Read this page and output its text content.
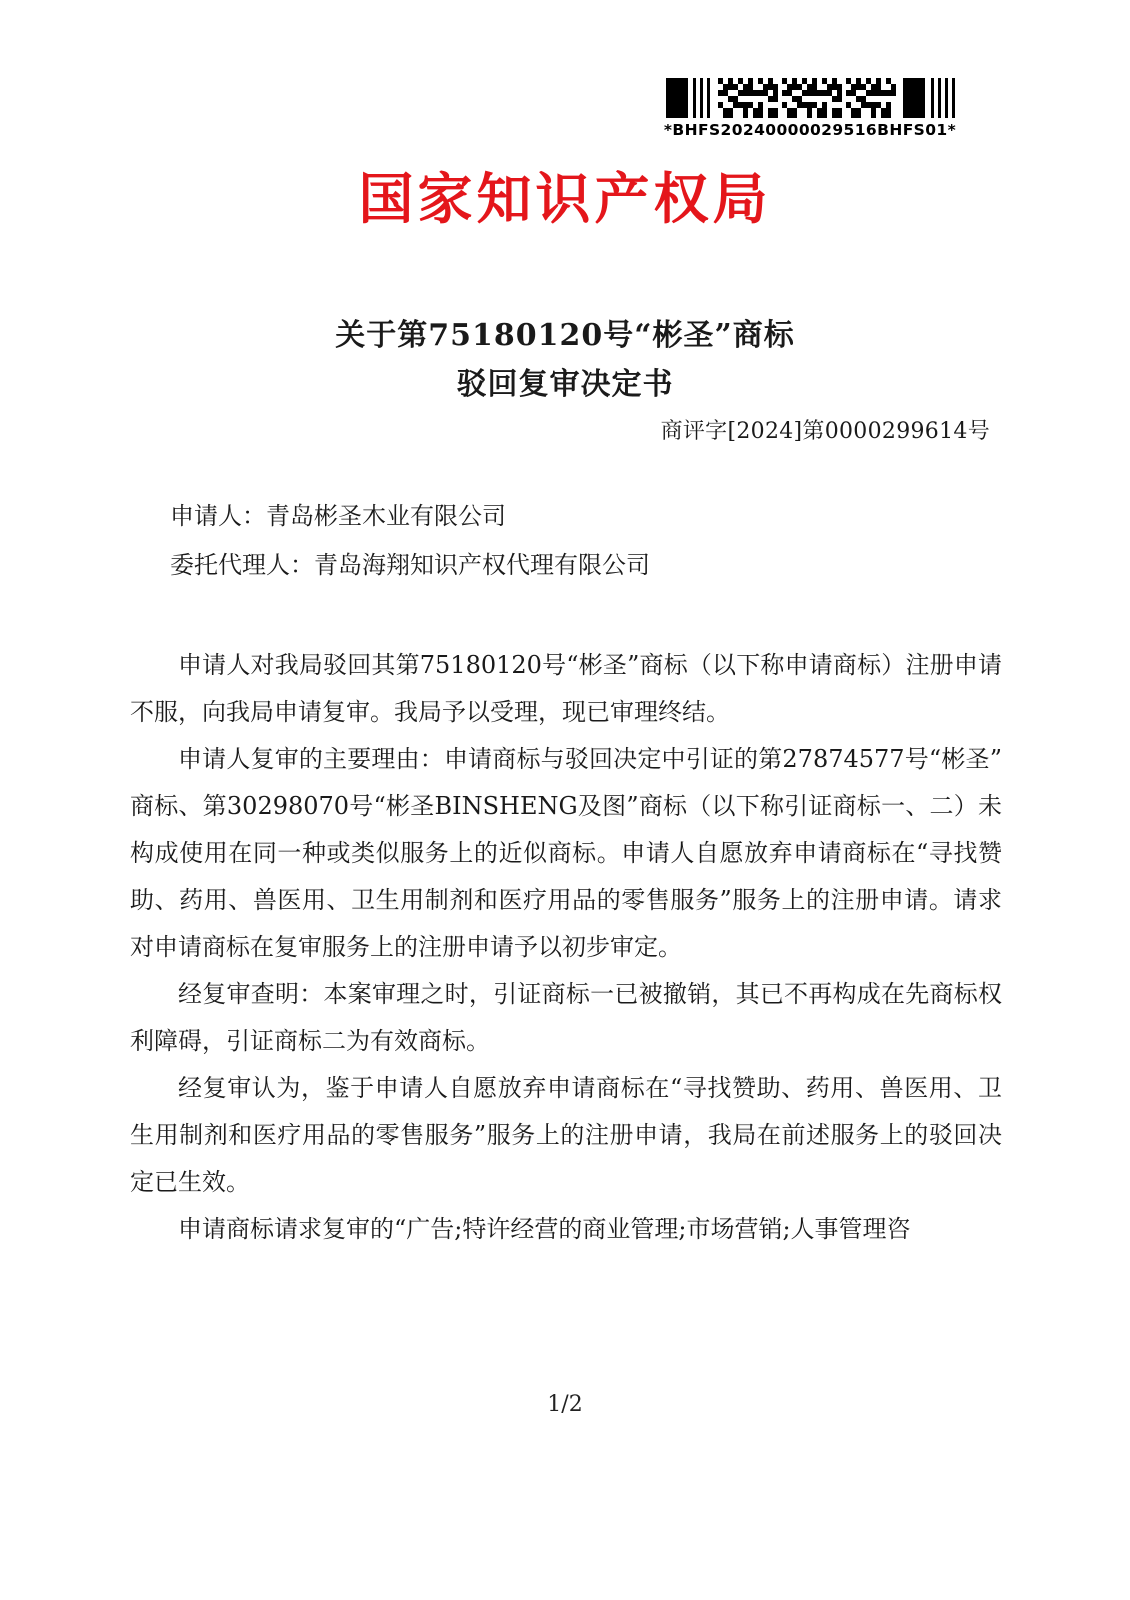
*BHFS20240000029516BHFS01*
国家知识产权局
关于第75180120号“彬圣”商标
驳回复审决定书
商评字[2024]第0000299614号
申请人：青岛彬圣木业有限公司
委托代理人：青岛海翔知识产权代理有限公司

申请人对我局驳回其第75180120号“彬圣”商标（以下称申请商标）注册申请不服，向我局申请复审。我局予以受理，现已审理终结。

申请人复审的主要理由：申请商标与驳回决定中引证的第27874577号“彬圣”商标、第30298070号“彬圣BINSHENG及图”商标（以下称引证商标一、二）未构成使用在同一种或类似服务上的近似商标。申请人自愿放弃申请商标在“寻找赞助、药用、兽医用、卫生用制剂和医疗用品的零售服务”服务上的注册申请。请求对申请商标在复审服务上的注册申请予以初步审定。

经复审查明：本案审理之时，引证商标一已被撤销，其已不再构成在先商标权利障碍，引证商标二为有效商标。

经复审认为，鉴于申请人自愿放弃申请商标在“寻找赞助、药用、兽医用、卫生用制剂和医疗用品的零售服务”服务上的注册申请，我局在前述服务上的驳回决定已生效。

申请商标请求复审的“广告;特许经营的商业管理;市场营销;人事管理咨

1/2
